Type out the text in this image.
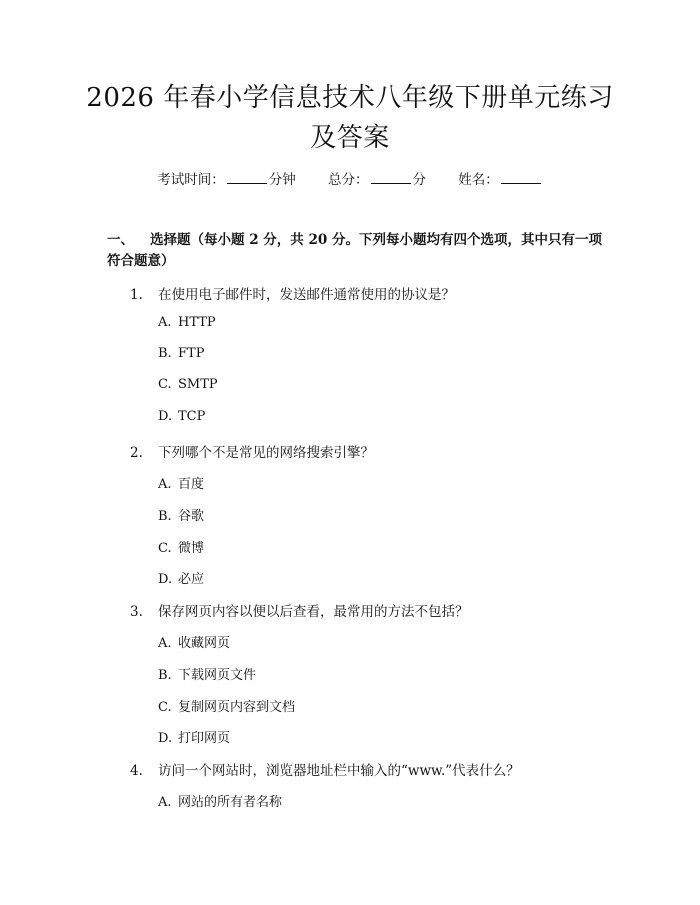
2026 年春小学信息技术八年级下册单元练习及答案
考试时间：	分钟 总分：	分 姓名：
一、 选择题（每小题 2 分，共 20 分。下列每小题均有四个选项，其中只有一项符合题意）
1. 在使用电子邮件时，发送邮件通常使用的协议是？
A. HTTP
B. FTP
C. SMTP
D. TCP
2. 下列哪个不是常见的网络搜索引擎？
A. 百度
B. 谷歌
C. 微博
D. 必应
3. 保存网页内容以便以后查看，最常用的方法不包括？
A. 收藏网页
B. 下载网页文件
C. 复制网页内容到文档
D. 打印网页
4. 访问一个网站时，浏览器地址栏中输入的“www.”代表什么？
A. 网站的所有者名称
